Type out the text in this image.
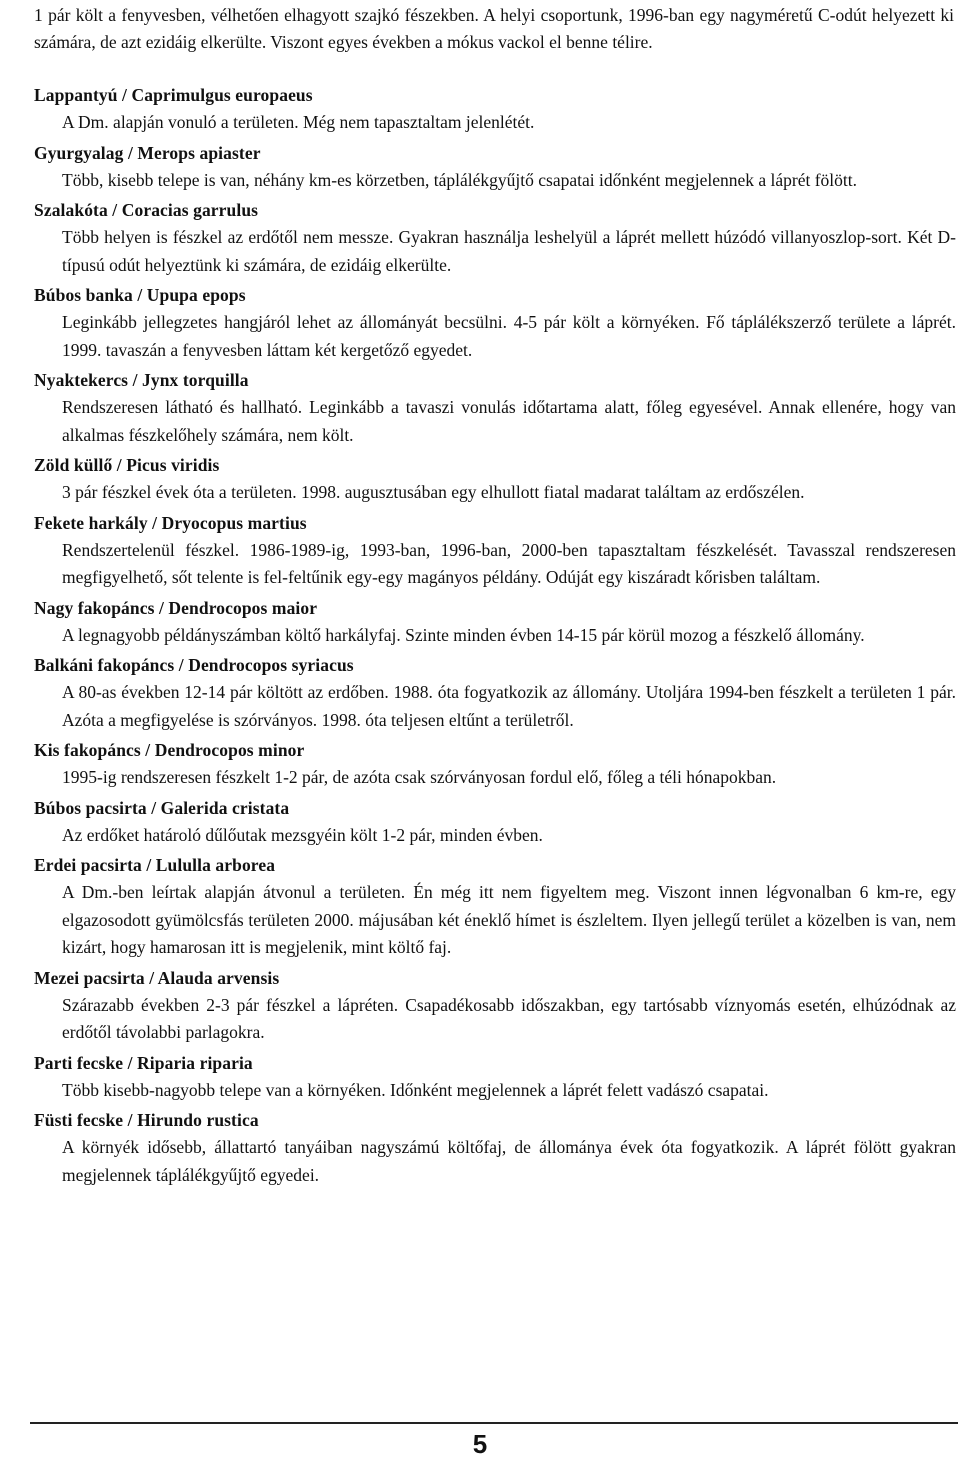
1 pár költ a fenyvesben, vélhetően elhagyott szajkó fészekben. A helyi csoportunk, 1996-ban egy nagyméretű C-odút helyezett ki számára, de azt ezidáig elkerülte. Viszont egyes években a mókus vackol el benne télire.

Lappantyú / Caprimulgus europaeus

A Dm. alapján vonuló a területen. Még nem tapasztaltam jelenlétét.

Gyurgyalag / Merops apiaster

Több, kisebb telepe is van, néhány km-es körzetben, táplálékgyűjtő csapatai időnként megjelennek a láprét fölött.

Szalakóta / Coracias garrulus

Több helyen is fészkel az erdőtől nem messze. Gyakran használja leshelyül a láprét mellett húzódó villanyoszlop-sort. Két D-típusú odút helyeztünk ki számára, de ezidáig elkerülte.

Búbos banka / Upupa epops

Leginkább jellegzetes hangjáról lehet az állományát becsülni. 4-5 pár költ a környéken. Fő táplálékszerző területe a láprét. 1999. tavaszán a fenyvesben láttam két kergetőző egyedet.

Nyaktekercs / Jynx torquilla

Rendszeresen látható és hallható. Leginkább a tavaszi vonulás időtartama alatt, főleg egyesével. Annak ellenére, hogy van alkalmas fészkelőhely számára, nem költ.

Zöld küllő / Picus viridis

3 pár fészkel évek óta a területen. 1998. augusztusában egy elhullott fiatal madarat találtam az erdőszélen.

Fekete harkály / Dryocopus martius

Rendszertelenül fészkel. 1986-1989-ig, 1993-ban, 1996-ban, 2000-ben tapasztaltam fészkelését. Tavasszal rendszeresen megfigyelhető, sőt telente is fel-feltűnik egy-egy magányos példány. Odúját egy kiszáradt kőrisben találtam.

Nagy fakopáncs / Dendrocopos maior

A legnagyobb példányszámban költő harkályfaj. Szinte minden évben 14-15 pár körül mozog a fészkelő állomány.

Balkáni fakopáncs / Dendrocopos syriacus

A 80-as években 12-14 pár költött az erdőben. 1988. óta fogyatkozik az állomány. Utoljára 1994-ben fészkelt a területen 1 pár. Azóta a megfigyelése is szórványos. 1998. óta teljesen eltűnt a területről.

Kis fakopáncs / Dendrocopos minor

1995-ig rendszeresen fészkelt 1-2 pár, de azóta csak szórványosan fordul elő, főleg a téli hónapokban.

Búbos pacsirta / Galerida cristata

Az erdőket határoló dűlőutak mezsgyéin költ 1-2 pár, minden évben.

Erdei pacsirta / Lulullа arborea

A Dm.-ben leírtak alapján átvonul a területen. Én még itt nem figyeltem meg. Viszont innen légvonalban 6 km-re, egy elgazosodott gyümölcsfás területen 2000. májusában két éneklő hímet is észleltem. Ilyen jellegű terület a közelben is van, nem kizárt, hogy hamarosan itt is megjelenik, mint költő faj.

Mezei pacsirta / Alauda arvensis

Szárazabb években 2-3 pár fészkel a lápréten. Csapadékosabb időszakban, egy tartósabb víznyomás esetén, elhúzódnak az erdőtől távolabbi parlagokra.

Parti fecske / Riparia riparia

Több kisebb-nagyobb telepe van a környéken. Időnként megjelennek a láprét felett vadászó csapatai.

Füsti fecske / Hirundo rustica

A környék idősebb, állattartó tanyáiban nagyszámú költőfaj, de állománya évek óta fogyatkozik. A láprét fölött gyakran megjelennek táplálékgyűjtő egyedei.

5
